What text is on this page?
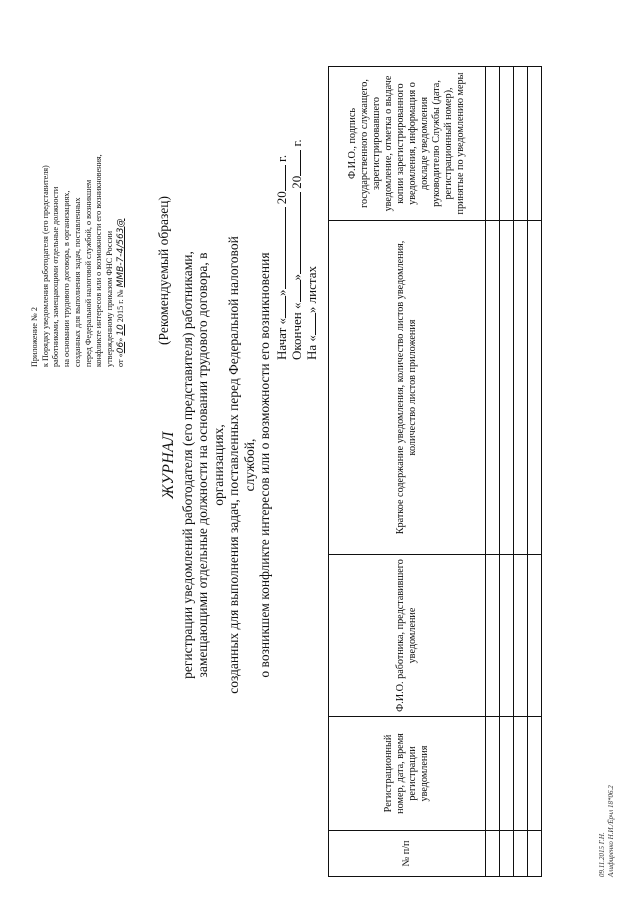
Приложение № 2 к Порядку уведомления работодателя (его представителя) работниками, замещающими отдельные должности на основании трудового договора, в организациях, созданных для выполнения задач, поставленных перед Федеральной налоговой службой, о возникшем конфликте интересов или о возможности его возникновения, утвержденному приказом ФНС России от «06» 10 2015 г. № ММВ-7-4/563@ (Рекомендуемый образец)
ЖУРНАЛ регистрации уведомлений работодателя (его представителя) работниками, замещающими отдельные должности на основании трудового договора, в организациях, созданных для выполнения задач, поставленных перед Федеральной налоговой службой, о возникшем конфликте интересов или о возможности его возникновения Начат «» 20 г.
Окончен «» 20 г.
На «» листах
№ п/п	Регистрационный номер, дата, время регистрации уведомления	Ф.И.О. работника, представившего уведомление	Краткое содержание уведомления, количество листов уведомления, количество листов приложения	Ф.И.О., подпись государственного служащего, зарегистрировавшего уведомление, отметка о выдаче копии зарегистрированного уведомления, информация о докладе уведомления руководителю Службы (дата, регистрационный номер), принятые по уведомлению меры

09.11.2015 Г.Н. Алифиренко Н.И./Ёрчл 18*06.2
